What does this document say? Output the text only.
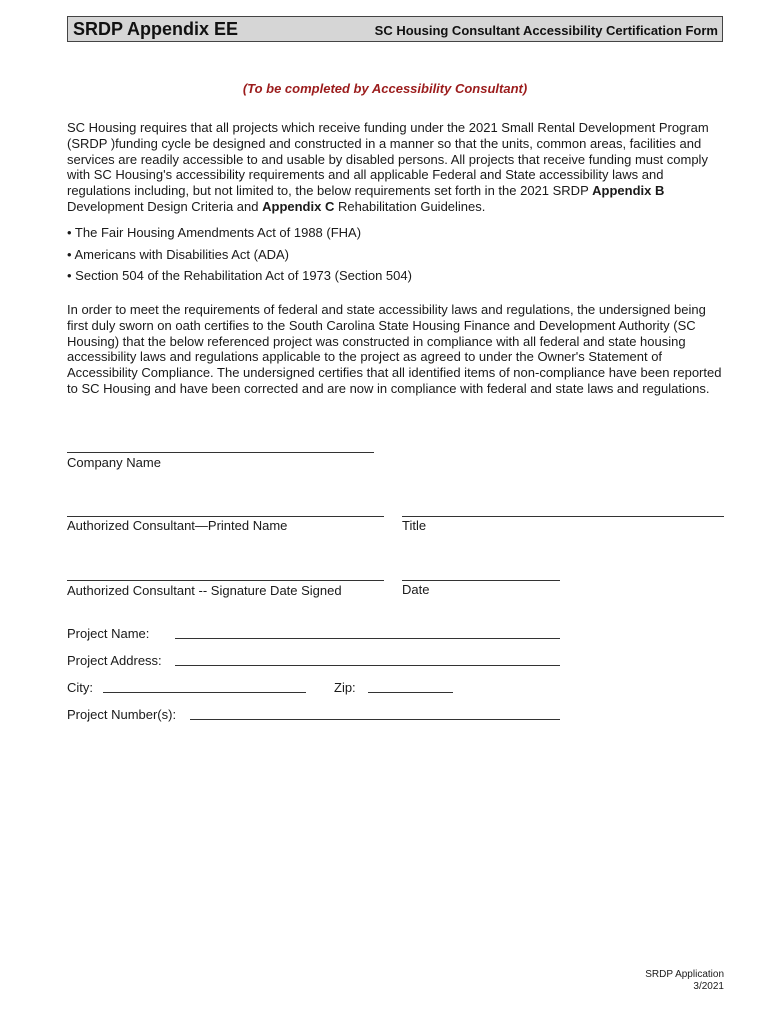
SRDP Appendix EE	SC Housing Consultant Accessibility Certification Form
(To be completed by Accessibility Consultant)
SC Housing requires that all projects which receive funding under the 2021 Small Rental Development Program (SRDP )funding cycle be designed and constructed in a manner so that the units, common areas, facilities and services are readily accessible to and usable by disabled persons. All projects that receive funding must comply with SC Housing's accessibility requirements and all applicable Federal and State accessibility laws and regulations including, but not limited to, the below requirements set forth in the 2021 SRDP Appendix B Development Design Criteria and Appendix C Rehabilitation Guidelines.
• The Fair Housing Amendments Act of 1988 (FHA)
• Americans with Disabilities Act (ADA)
• Section 504 of the Rehabilitation Act of 1973 (Section 504)
In order to meet the requirements of federal and state accessibility laws and regulations, the undersigned being first duly sworn on oath certifies to the South Carolina State Housing Finance and Development Authority (SC Housing) that the below referenced project was constructed in compliance with all federal and state housing accessibility laws and regulations applicable to the project as agreed to under the Owner's Statement of Accessibility Compliance. The undersigned certifies that all identified items of non-compliance have been reported to SC Housing and have been corrected and are now in compliance with federal and state laws and regulations.
Company Name
Authorized Consultant—Printed Name	Title
Authorized Consultant -- Signature Date Signed	Date
Project Name:
Project Address:
City:	Zip:
Project Number(s):
SRDP Application
3/2021
